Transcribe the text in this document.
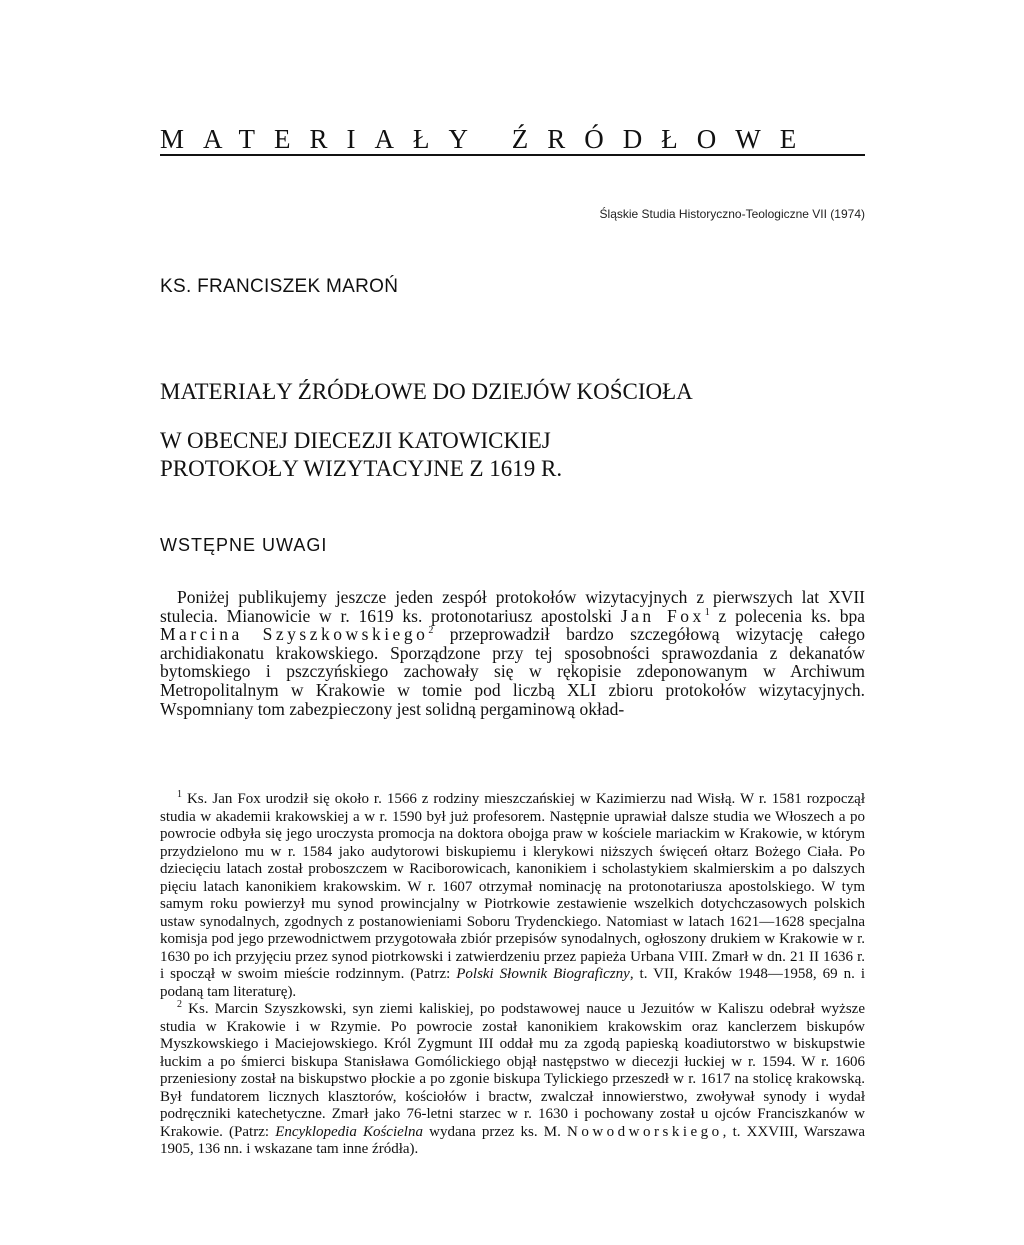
MATERIAŁY ŹRÓDŁOWE
Śląskie Studia Historyczno-Teologiczne VII (1974)
KS. FRANCISZEK MAROŃ
MATERIAŁY ŹRÓDŁOWE DO DZIEJÓW KOŚCIOŁA
W OBECNEJ DIECEZJI KATOWICKIEJ
PROTOKOŁY WIZYTACYJNE Z 1619 R.
WSTĘPNE UWAGI

Poniżej publikujemy jeszcze jeden zespół protokołów wizytacyjnych z pierwszych lat XVII stulecia. Mianowicie w r. 1619 ks. protonotariusz apostolski Jan Fox$^1$ z polecenia ks. bpa Marcina Szyszkowskiego$^2$ przeprowadził bardzo szczegółową wizytację całego archidiakonatu krakowskiego. Sporządzone przy tej sposobności sprawozdania z dekanatów bytomskiego i pszczyńskiego zachowały się w rękopisie zdeponowanym w Archiwum Metropolitalnym w Krakowie w tomie pod liczbą XLI zbioru protokołów wizytacyjnych. Wspomniany tom zabezpieczony jest solidną pergaminową okład-

$^1$ Ks. Jan Fox urodził się około r. 1566 z rodziny mieszczańskiej w Kazimierzu nad Wisłą. W r. 1581 rozpoczął studia w akademii krakowskiej a w r. 1590 był już profesorem. Następnie uprawiał dalsze studia we Włoszech a po powrocie odbyła się jego uroczysta promocja na doktora obojga praw w kościele mariackim w Krakowie, w którym przydzielono mu w r. 1584 jako audytorowi biskupiemu i klerykowi niższych święceń ołtarz Bożego Ciała. Po dziecięciu latach został proboszczem w Raciborowicach, kanonikiem i scholastykiem skalmierskim a po dalszych pięciu latach kanonikiem krakowskim. W r. 1607 otrzymał nominację na protonotariusza apostolskiego. W tym samym roku powierzył mu synod prowincjalny w Piotrkowie zestawienie wszelkich dotychczasowych polskich ustaw synodalnych, zgodnych z postanowieniami Soboru Trydenckiego. Natomiast w latach 1621—1628 specjalna komisja pod jego przewodnictwem przygotowała zbiór przepisów synodalnych, ogłoszony drukiem w Krakowie w r. 1630 po ich przyjęciu przez synod piotrkowski i zatwierdzeniu przez papieża Urbana VIII. Zmarł w dn. 21 II 1636 r. i spoczął w swoim mieście rodzinnym. (Patrz: Polski Słownik Biograficzny, t. VII, Kraków 1948—1958, 69 n. i podaną tam literaturę).

$^2$ Ks. Marcin Szyszkowski, syn ziemi kaliskiej, po podstawowej nauce u Jezuitów w Kaliszu odebrał wyższe studia w Krakowie i w Rzymie. Po powrocie został kanonikiem krakowskim oraz kanclerzem biskupów Myszkowskiego i Maciejowskiego. Król Zygmunt III oddał mu za zgodą papieską koadiutorstwo w biskupstwie łuckim a po śmierci biskupa Stanisława Gomólickiego objął następstwo w diecezji łuckiej w r. 1594. W r. 1606 przeniesiony został na biskupstwo płockie a po zgonie biskupa Tylickiego przeszedł w r. 1617 na stolicę krakowską. Był fundatorem licznych klasztorów, kościołów i bractw, zwalczał innowierstwo, zwoływał synody i wydał podręczniki katechetyczne. Zmarł jako 76-letni starzec w r. 1630 i pochowany został u ojców Franciszkanów w Krakowie. (Patrz: Encyklopedia Kościelna wydana przez ks. M. Nowodworskiego, t. XXVIII, Warszawa 1905, 136 nn. i wskazane tam inne źródła).
